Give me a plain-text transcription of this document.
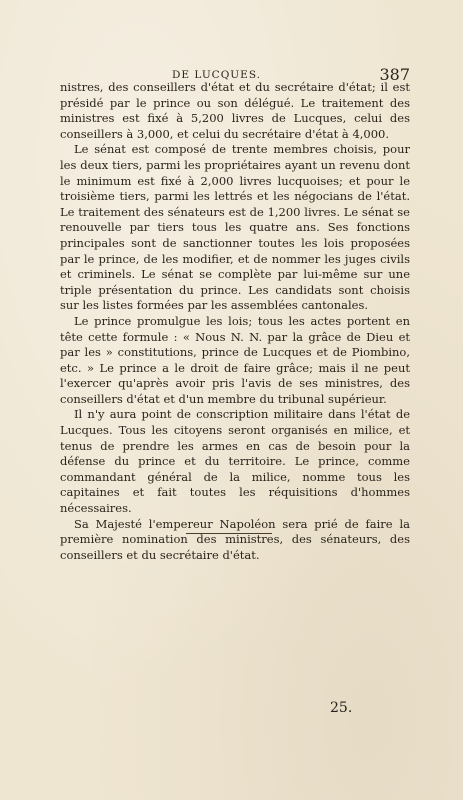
DE LUCQUES.	387

nistres, des conseillers d'état et du secrétaire d'état; il est présidé par le prince ou son délégué. Le traitement des ministres est fixé à 5,200 livres de Lucques, celui des conseillers à 3,000, et celui du secrétaire d'état à 4,000.

Le sénat est composé de trente membres choisis, pour les deux tiers, parmi les propriétaires ayant un revenu dont le minimum est fixé à 2,000 livres lucquoises; et pour le troisième tiers, parmi les lettrés et les négocians de l'état. Le traitement des sénateurs est de 1,200 livres. Le sénat se renouvelle par tiers tous les quatre ans. Ses fonctions principales sont de sanctionner toutes les lois proposées par le prince, de les modifier, et de nommer les juges civils et criminels. Le sénat se complète par lui-même sur une triple présentation du prince. Les candidats sont choisis sur les listes formées par les assemblées cantonales.

Le prince promulgue les lois; tous les actes portent en tête cette formule : « Nous N. N. par la grâce de Dieu et par les » constitutions, prince de Lucques et de Piombino, etc. » Le prince a le droit de faire grâce; mais il ne peut l'exercer qu'après avoir pris l'avis de ses ministres, des conseillers d'état et d'un membre du tribunal supérieur.

Il n'y aura point de conscription militaire dans l'état de Lucques. Tous les citoyens seront organisés en milice, et tenus de prendre les armes en cas de besoin pour la défense du prince et du territoire. Le prince, comme commandant général de la milice, nomme tous les capitaines et fait toutes les réquisitions d'hommes nécessaires.

Sa Majesté l'empereur Napoléon sera prié de faire la première nomination des ministres, des sénateurs, des conseillers et du secrétaire d'état.

25.
